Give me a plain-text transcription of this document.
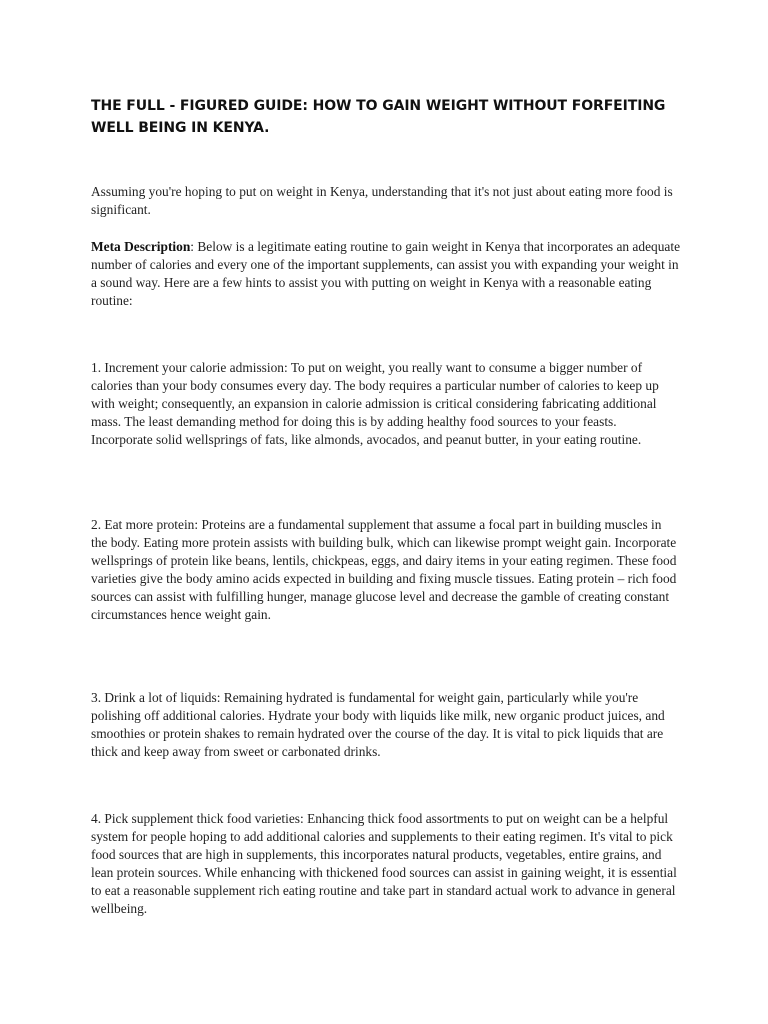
THE FULL - FIGURED GUIDE: HOW TO GAIN WEIGHT WITHOUT FORFEITING WELL BEING IN KENYA.

Assuming you're hoping to put on weight in Kenya, understanding that it's not just about eating more food is significant.

Meta Description: Below is a legitimate eating routine to gain weight in Kenya that incorporates an adequate number of calories and every one of the important supplements, can assist you with expanding your weight in a sound way. Here are a few hints to assist you with putting on weight in Kenya with a reasonable eating routine:

1. Increment your calorie admission: To put on weight, you really want to consume a bigger number of calories than your body consumes every day. The body requires a particular number of calories to keep up with weight; consequently, an expansion in calorie admission is critical considering fabricating additional mass. The least demanding method for doing this is by adding healthy food sources to your feasts. Incorporate solid wellsprings of fats, like almonds, avocados, and peanut butter, in your eating routine.

2. Eat more protein: Proteins are a fundamental supplement that assume a focal part in building muscles in the body. Eating more protein assists with building bulk, which can likewise prompt weight gain. Incorporate wellsprings of protein like beans, lentils, chickpeas, eggs, and dairy items in your eating regimen. These food varieties give the body amino acids expected in building and fixing muscle tissues. Eating protein – rich food sources can assist with fulfilling hunger, manage glucose level and decrease the gamble of creating constant circumstances hence weight gain.

3. Drink a lot of liquids: Remaining hydrated is fundamental for weight gain, particularly while you're polishing off additional calories. Hydrate your body with liquids like milk, new organic product juices, and smoothies or protein shakes to remain hydrated over the course of the day. It is vital to pick liquids that are thick and keep away from sweet or carbonated drinks.

4. Pick supplement thick food varieties: Enhancing thick food assortments to put on weight can be a helpful system for people hoping to add additional calories and supplements to their eating regimen. It's vital to pick food sources that are high in supplements, this incorporates natural products, vegetables, entire grains, and lean protein sources. While enhancing with thickened food sources can assist in gaining weight, it is essential to eat a reasonable supplement rich eating routine and take part in standard actual work to advance in general wellbeing.
